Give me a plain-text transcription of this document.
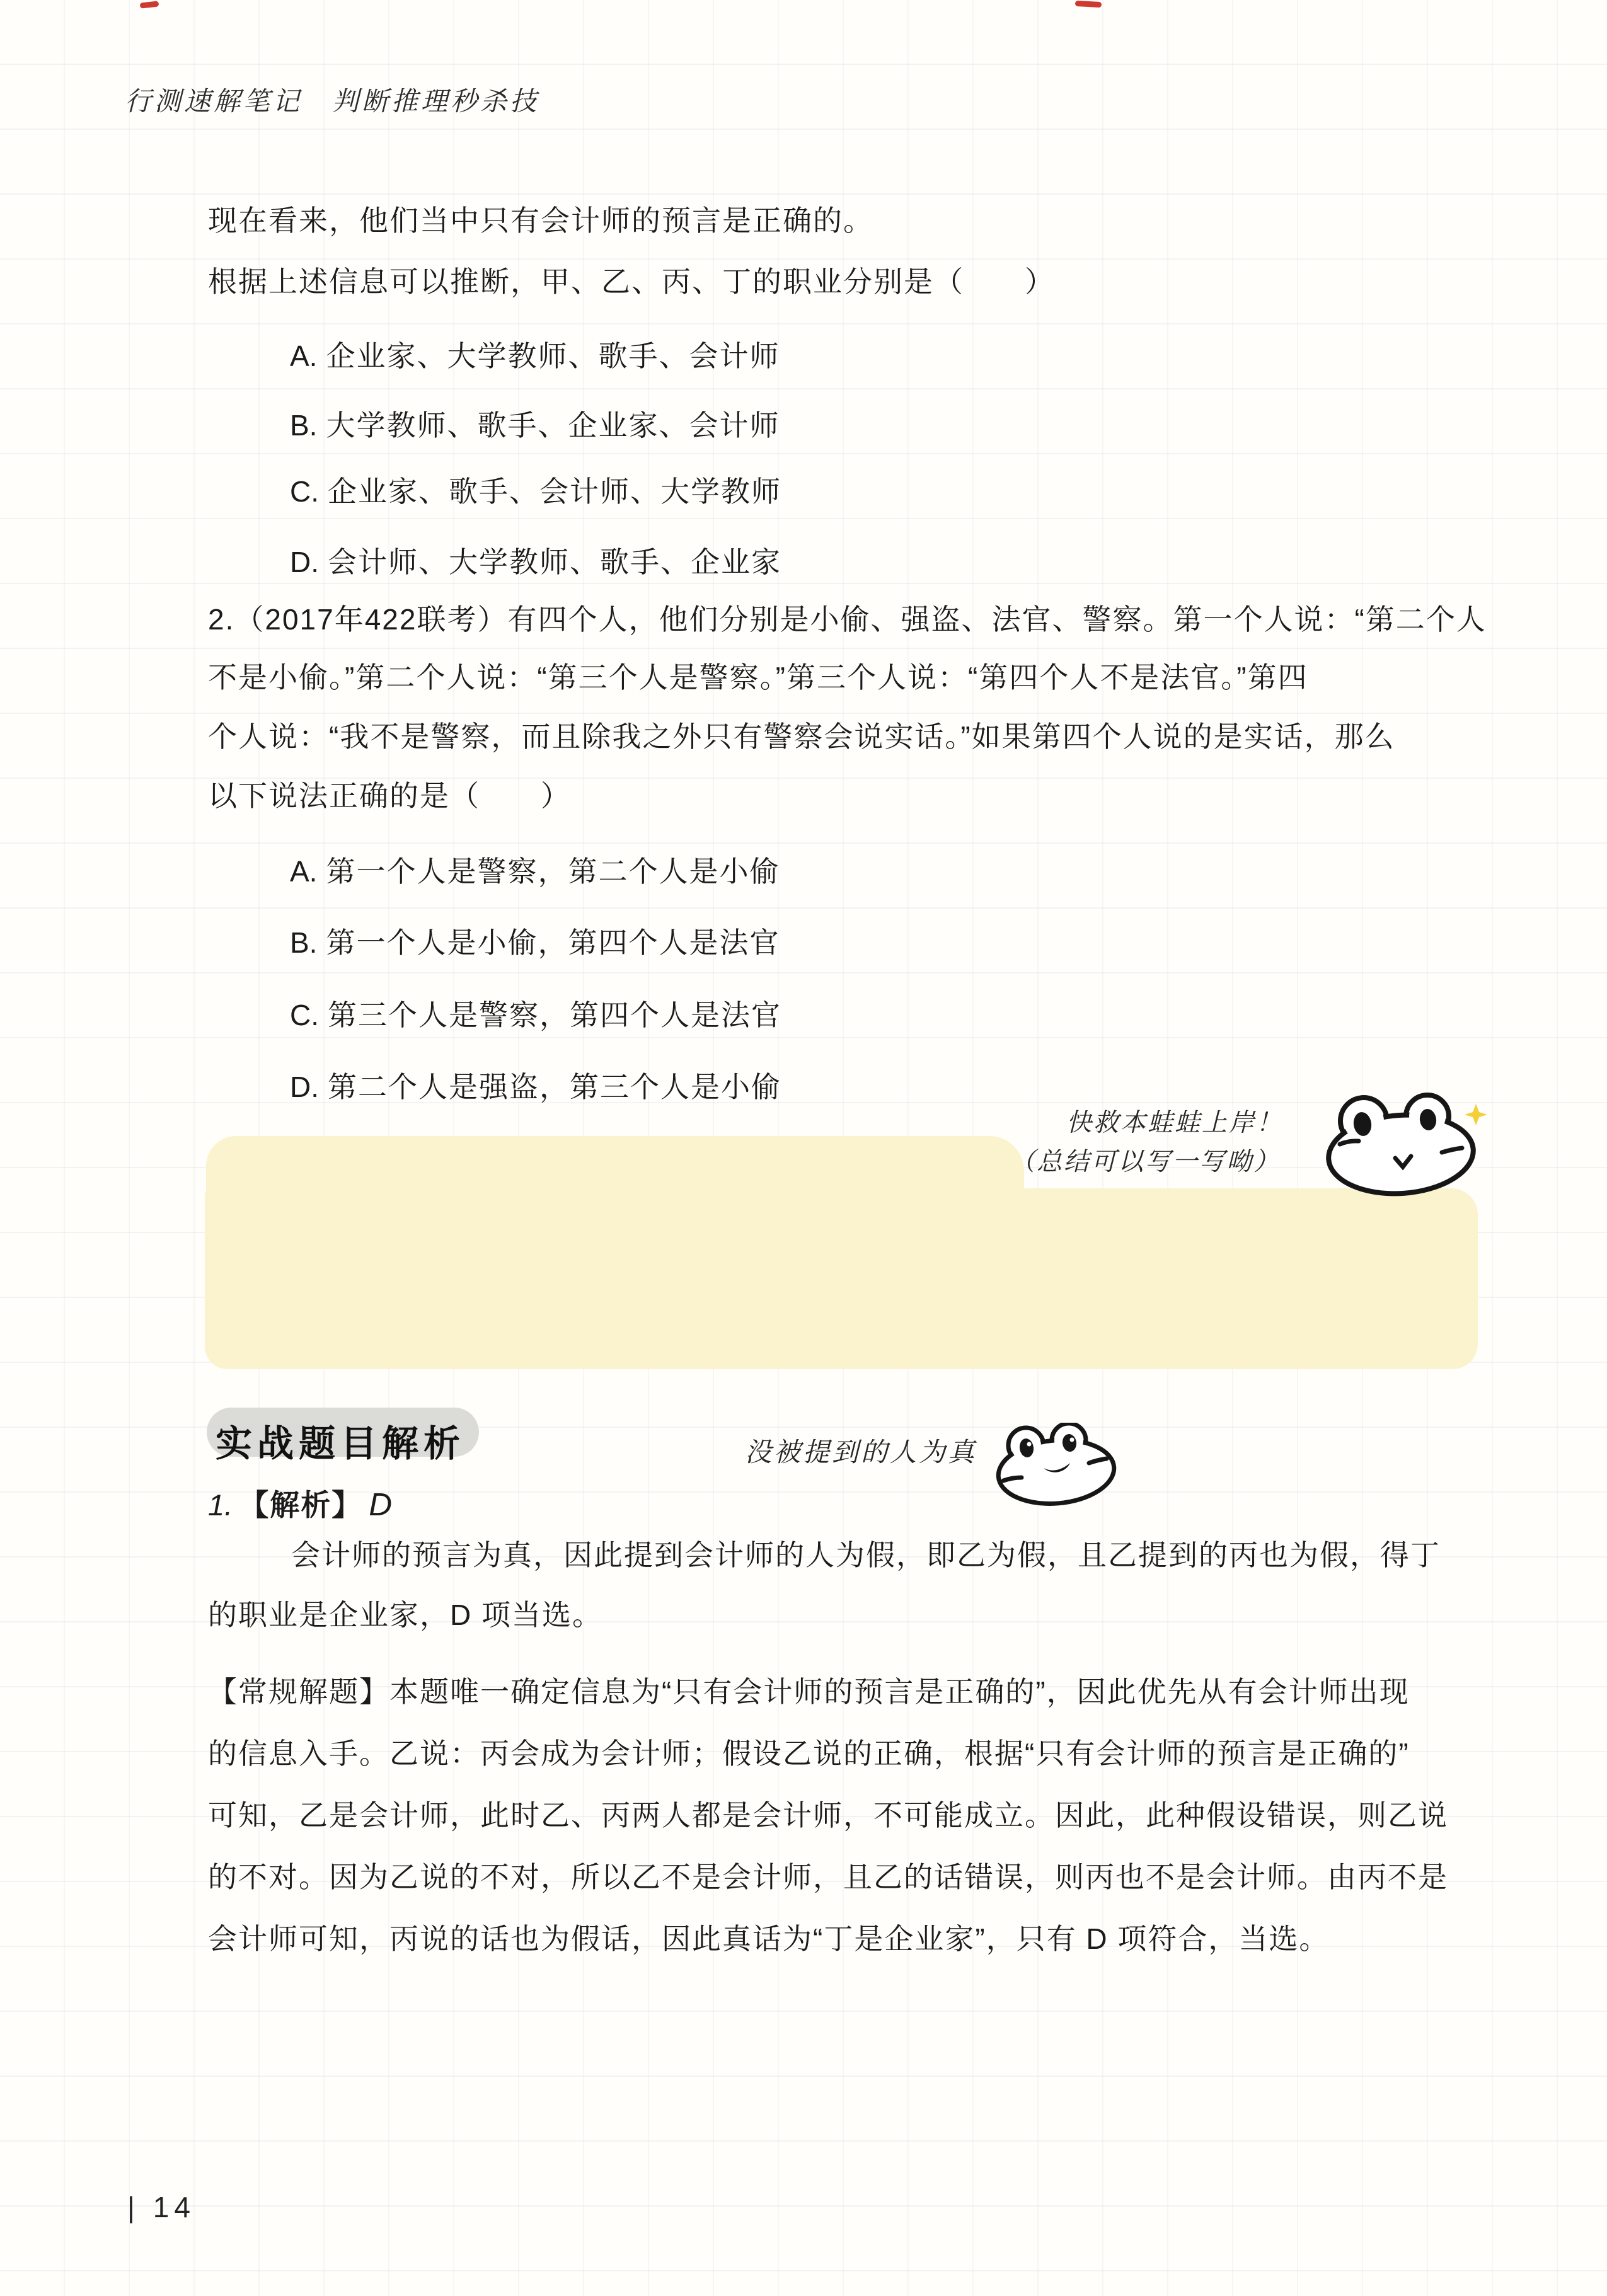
行测速解笔记　判断推理秒杀技
现在看来，他们当中只有会计师的预言是正确的。
根据上述信息可以推断，甲、乙、丙、丁的职业分别是（　　）
A. 企业家、大学教师、歌手、会计师
B. 大学教师、歌手、企业家、会计师
C. 企业家、歌手、会计师、大学教师
D. 会计师、大学教师、歌手、企业家
2.（2017年422联考）有四个人，他们分别是小偷、强盗、法官、警察。第一个人说：“第二个人
不是小偷。”第二个人说：“第三个人是警察。”第三个人说：“第四个人不是法官。”第四
个人说：“我不是警察，而且除我之外只有警察会说实话。”如果第四个人说的是实话，那么
以下说法正确的是（　　）
A. 第一个人是警察，第二个人是小偷
B. 第一个人是小偷，第四个人是法官
C. 第三个人是警察，第四个人是法官
D. 第二个人是强盗，第三个人是小偷
快救本蛙蛙上岸！
（总结可以写一写呦）
实战题目解析	没被提到的人为真
1. 【解析】 D
会计师的预言为真，因此提到会计师的人为假，即乙为假，且乙提到的丙也为假，得丁
的职业是企业家，D 项当选。
【常规解题】本题唯一确定信息为“只有会计师的预言是正确的”，因此优先从有会计师出现
的信息入手。乙说：丙会成为会计师；假设乙说的正确，根据“只有会计师的预言是正确的”
可知，乙是会计师，此时乙、丙两人都是会计师，不可能成立。因此，此种假设错误，则乙说
的不对。因为乙说的不对，所以乙不是会计师，且乙的话错误，则丙也不是会计师。由丙不是
会计师可知，丙说的话也为假话，因此真话为“丁是企业家”，只有 D 项符合，当选。
| 14
